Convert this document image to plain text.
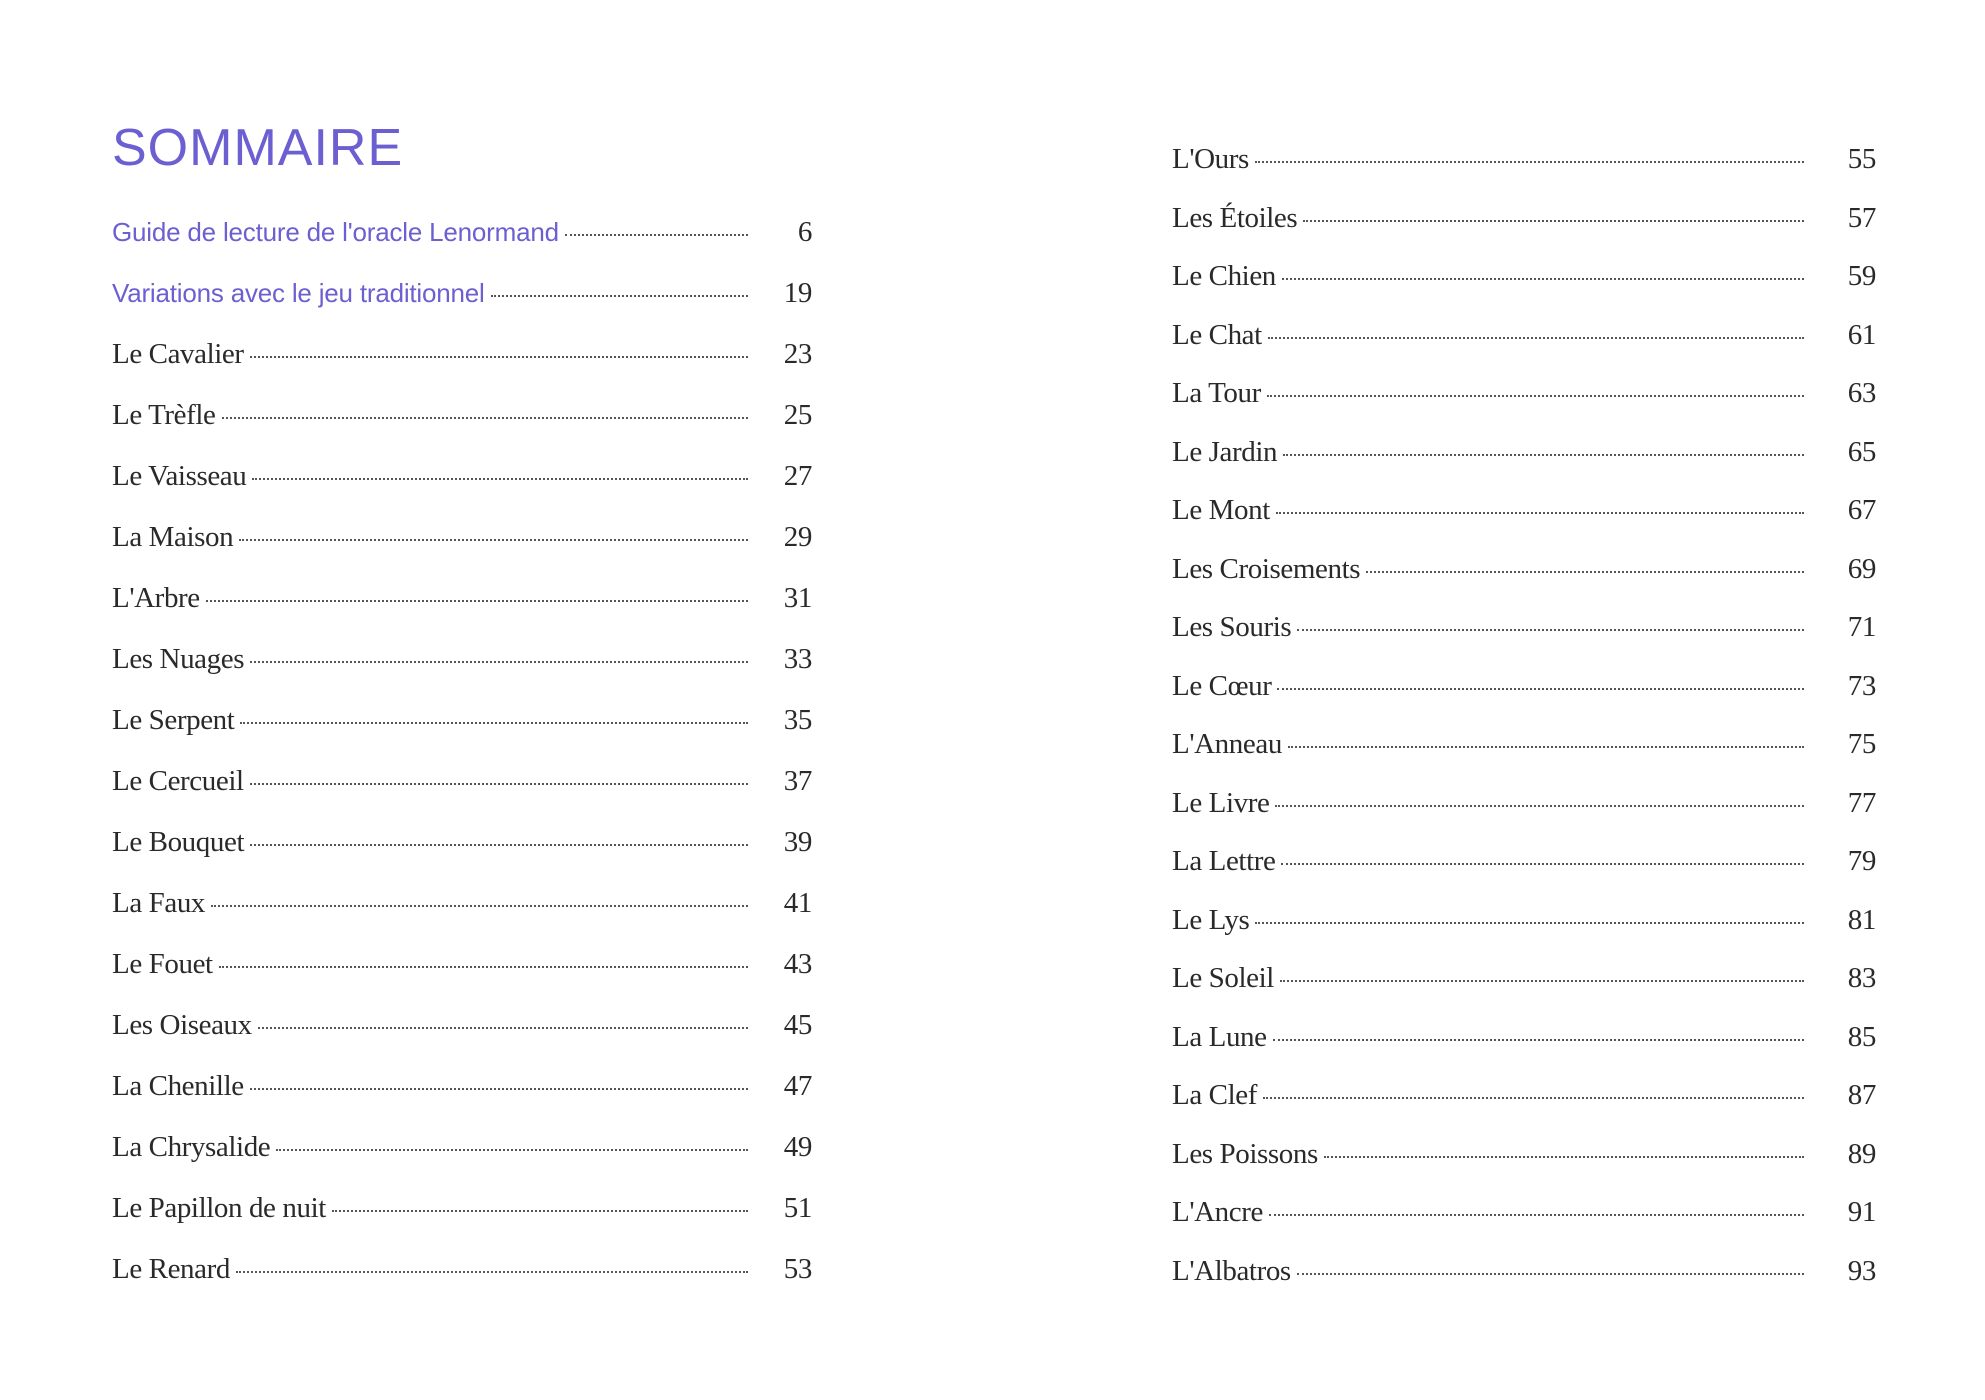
SOMMAIRE
Guide de lecture de l'oracle Lenormand	6
Variations avec le jeu traditionnel	19
Le Cavalier	23
Le Trèfle	25
Le Vaisseau	27
La Maison	29
L'Arbre	31
Les Nuages	33
Le Serpent	35
Le Cercueil	37
Le Bouquet	39
La Faux	41
Le Fouet	43
Les Oiseaux	45
La Chenille	47
La Chrysalide	49
Le Papillon de nuit	51
Le Renard	53
L'Ours	55
Les Étoiles	57
Le Chien	59
Le Chat	61
La Tour	63
Le Jardin	65
Le Mont	67
Les Croisements	69
Les Souris	71
Le Cœur	73
L'Anneau	75
Le Livre	77
La Lettre	79
Le Lys	81
Le Soleil	83
La Lune	85
La Clef	87
Les Poissons	89
L'Ancre	91
L'Albatros	93
